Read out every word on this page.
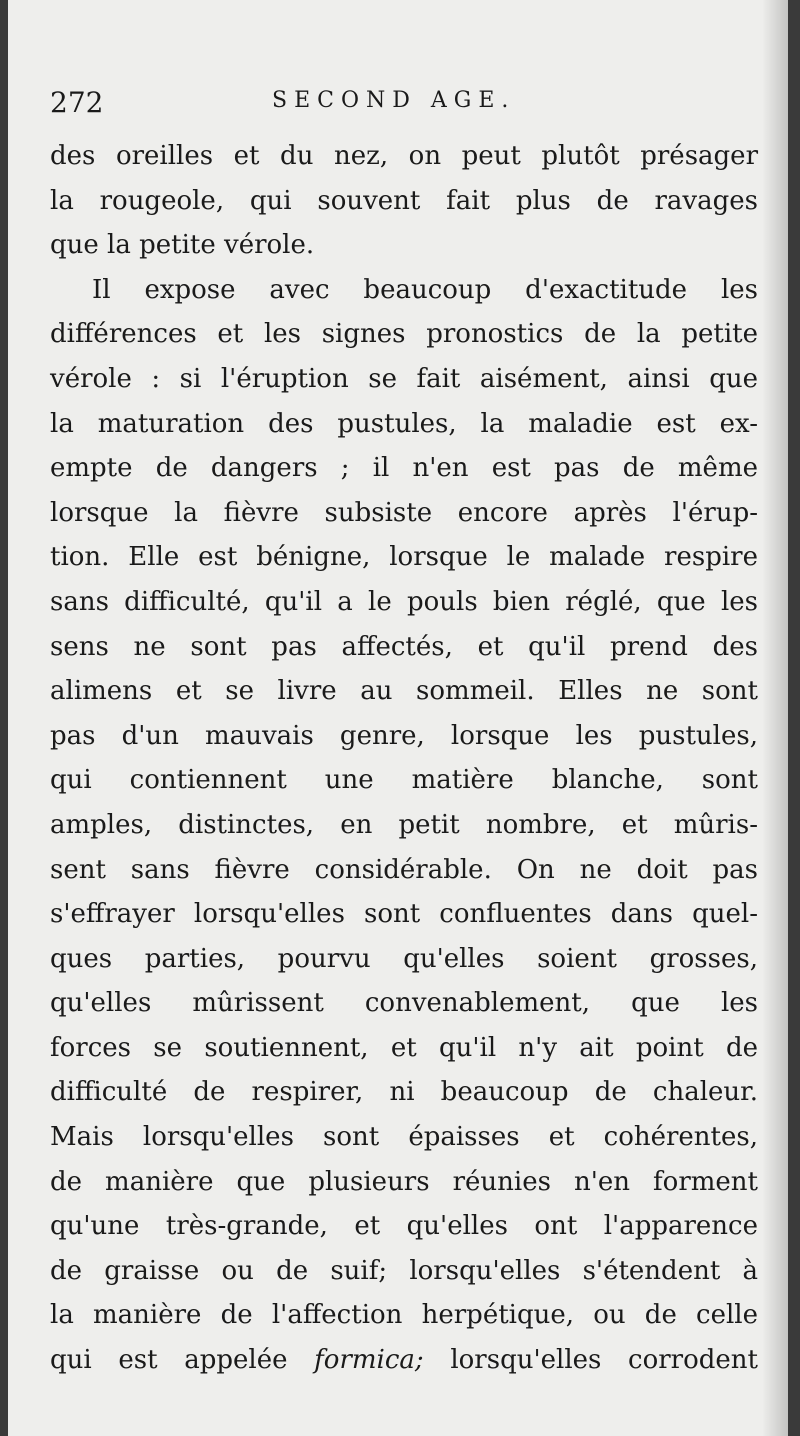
272	SECOND AGE.
des oreilles et du nez, on peut plutôt présager
la rougeole, qui souvent fait plus de ravages
que la petite vérole.
Il expose avec beaucoup d'exactitude les
différences et les signes pronostics de la petite
vérole : si l'éruption se fait aisément, ainsi que
la maturation des pustules, la maladie est ex-
empte de dangers ; il n'en est pas de même
lorsque la fièvre subsiste encore après l'érup-
tion. Elle est bénigne, lorsque le malade respire
sans difficulté, qu'il a le pouls bien réglé, que les
sens ne sont pas affectés, et qu'il prend des
alimens et se livre au sommeil. Elles ne sont
pas d'un mauvais genre, lorsque les pustules,
qui contiennent une matière blanche, sont
amples, distinctes, en petit nombre, et mûris-
sent sans fièvre considérable. On ne doit pas
s'effrayer lorsqu'elles sont confluentes dans quel-
ques parties, pourvu qu'elles soient grosses,
qu'elles mûrissent convenablement, que les
forces se soutiennent, et qu'il n'y ait point de
difficulté de respirer, ni beaucoup de chaleur.
Mais lorsqu'elles sont épaisses et cohérentes,
de manière que plusieurs réunies n'en forment
qu'une très-grande, et qu'elles ont l'apparence
de graisse ou de suif; lorsqu'elles s'étendent à
la manière de l'affection herpétique, ou de celle
qui est appelée formica; lorsqu'elles corrodent
